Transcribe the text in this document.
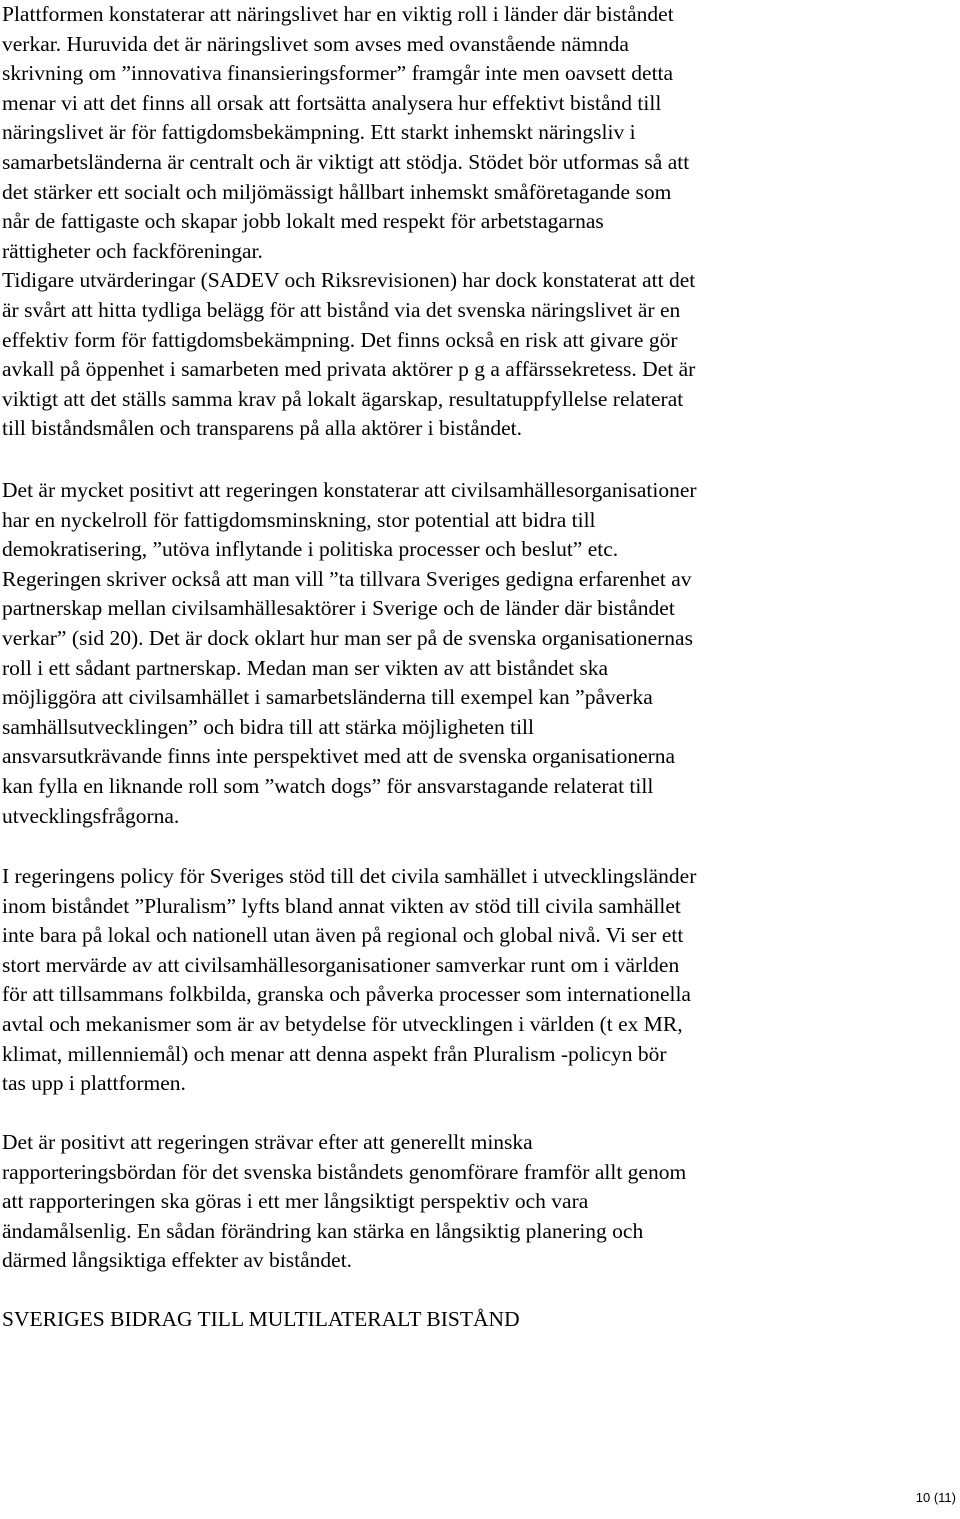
Plattformen konstaterar att näringslivet har en viktig roll i länder där biståndet
verkar. Huruvida det är näringslivet som avses med ovanstående nämnda
skrivning om ”innovativa finansieringsformer” framgår inte men oavsett detta
menar vi att det finns all orsak att fortsätta analysera hur effektivt bistånd till
näringslivet är för fattigdomsbekämpning. Ett starkt inhemskt näringsliv i
samarbetsländerna är centralt och är viktigt att stödja. Stödet bör utformas så att
det stärker ett socialt och miljömässigt hållbart inhemskt småföretagande som
når de fattigaste och skapar jobb lokalt med respekt för arbetstagarnas
rättigheter och fackföreningar.
Tidigare utvärderingar (SADEV och Riksrevisionen) har dock konstaterat att det
är svårt att hitta tydliga belägg för att bistånd via det svenska näringslivet är en
effektiv form för fattigdomsbekämpning. Det finns också en risk att givare gör
avkall på öppenhet i samarbeten med privata aktörer p g a affärssekretess. Det är
viktigt att det ställs samma krav på lokalt ägarskap, resultatuppfyllelse relaterat
till biståndsmålen och transparens på alla aktörer i biståndet.
Det är mycket positivt att regeringen konstaterar att civilsamhällesorganisationer
har en nyckelroll för fattigdomsminskning, stor potential att bidra till
demokratisering, ”utöva inflytande i politiska processer och beslut” etc.
Regeringen skriver också att man vill ”ta tillvara Sveriges gedigna erfarenhet av
partnerskap mellan civilsamhällesaktörer i Sverige och de länder där biståndet
verkar” (sid 20). Det är dock oklart hur man ser på de svenska organisationernas
roll i ett sådant partnerskap. Medan man ser vikten av att biståndet ska
möjliggöra att civilsamhället i samarbetsländerna till exempel kan ”påverka
samhällsutvecklingen” och bidra till att stärka möjligheten till
ansvarsutkrävande finns inte perspektivet med att de svenska organisationerna
kan fylla en liknande roll som ”watch dogs” för ansvarstagande relaterat till
utvecklingsfrågorna.
I regeringens policy för Sveriges stöd till det civila samhället i utvecklingsländer
inom biståndet ”Pluralism” lyfts bland annat vikten av stöd till civila samhället
inte bara på lokal och nationell utan även på regional och global nivå. Vi ser ett
stort mervärde av att civilsamhällesorganisationer samverkar runt om i världen
för att tillsammans folkbilda, granska och påverka processer som internationella
avtal och mekanismer som är av betydelse för utvecklingen i världen (t ex MR,
klimat, millenniemål) och menar att denna aspekt från Pluralism -policyn bör
tas upp i plattformen.
Det är positivt att regeringen strävar efter att generellt minska
rapporteringsbördan för det svenska biståndets genomförare framför allt genom
att rapporteringen ska göras i ett mer långsiktigt perspektiv och vara
ändamålsenlig. En sådan förändring kan stärka en långsiktig planering och
därmed långsiktiga effekter av biståndet.
SVERIGES BIDRAG TILL MULTILATERALT BISTÅND
10 (11)
